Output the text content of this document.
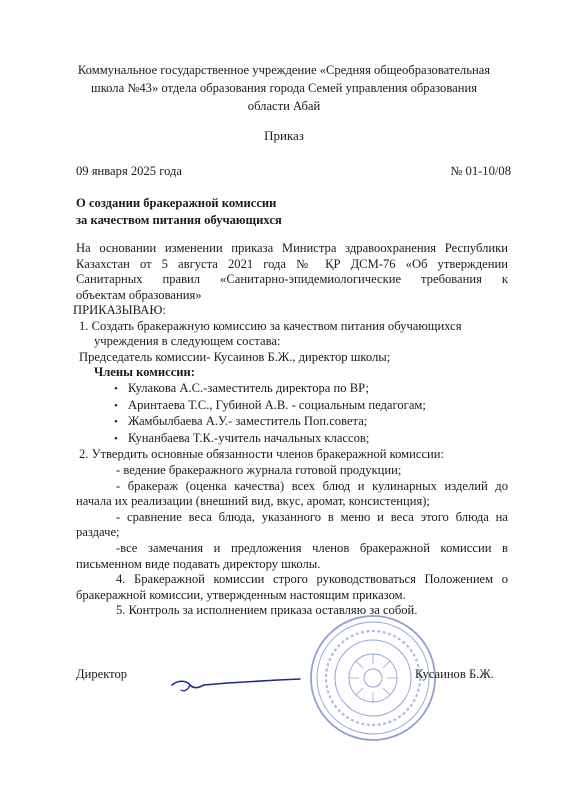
Коммунальное государственное учреждение «Средняя общеобразовательная
школа №43» отдела образования города Семей управления образования
области Абай
Приказ
09 января 2025 года	№ 01-10/08
О создании бракеражной комиссии
за качеством питания обучающихся
На основании изменении приказа Министра здравоохранения Республики
Казахстан от 5 августа 2021 года № ҚР ДСМ-76 «Об утверждении
Санитарных правил «Санитарно-эпидемиологические требования к
объектам образования»
ПРИКАЗЫВАЮ:
1. Создать бракеражную комиссию за качеством питания обучающихся
учреждения в следующем состава:
Председатель комиссии- Кусаинов Б.Ж., директор школы;
Члены комиссии:
• Кулакова А.С.-заместитель директора по ВР;
• Аринтаева Т.С., Губиной А.В. - социальным педагогам;
• Жамбылбаева А.У.- заместитель Поп.совета;
• Кунанбаева Т.К.-учитель начальных классов;
2. Утвердить основные обязанности членов бракеражной комиссии:
- ведение бракеражного журнала готовой продукции;
- бракераж (оценка качества) всех блюд и кулинарных изделий до
начала их реализации (внешний вид, вкус, аромат, консистенция);
- сравнение веса блюда, указанного в меню и веса этого блюда на
раздаче;
-все замечания и предложения членов бракеражной комиссии в
письменном виде подавать директору школы.
4. Бракеражной комиссии строго руководствоваться Положением о
бракеражной комиссии, утвержденным настоящим приказом.
5. Контроль за исполнением приказа оставляю за собой.
Директор	Кусаинов Б.Ж.
